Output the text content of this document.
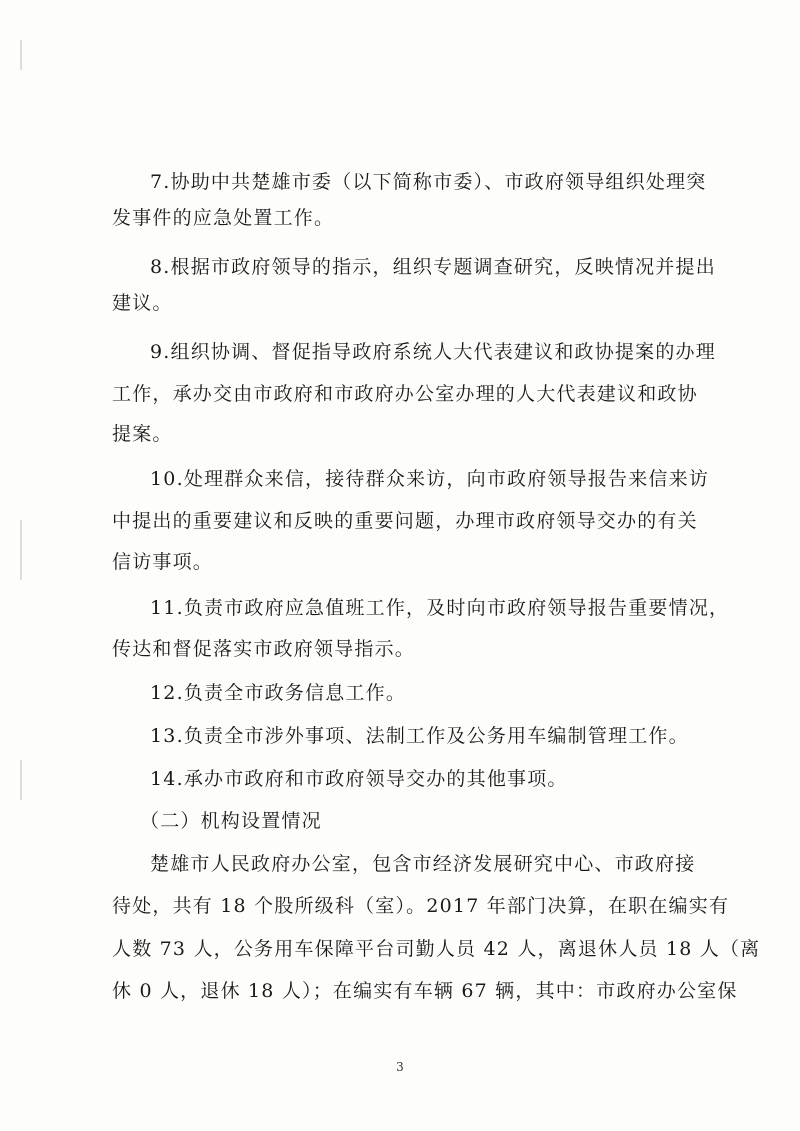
7.协助中共楚雄市委（以下简称市委）、市政府领导组织处理突
发事件的应急处置工作。
8.根据市政府领导的指示，组织专题调查研究，反映情况并提出
建议。
9.组织协调、督促指导政府系统人大代表建议和政协提案的办理
工作，承办交由市政府和市政府办公室办理的人大代表建议和政协
提案。
10.处理群众来信，接待群众来访，向市政府领导报告来信来访
中提出的重要建议和反映的重要问题，办理市政府领导交办的有关
信访事项。
11.负责市政府应急值班工作，及时向市政府领导报告重要情况，
传达和督促落实市政府领导指示。
12.负责全市政务信息工作。
13.负责全市涉外事项、法制工作及公务用车编制管理工作。
14.承办市政府和市政府领导交办的其他事项。
（二）机构设置情况
楚雄市人民政府办公室，包含市经济发展研究中心、市政府接
待处，共有 18 个股所级科（室）。2017 年部门决算，在职在编实有
人数 73 人，公务用车保障平台司勤人员 42 人，离退休人员 18 人（离
休 0 人，退休 18 人）；在编实有车辆 67 辆，其中：市政府办公室保
3
